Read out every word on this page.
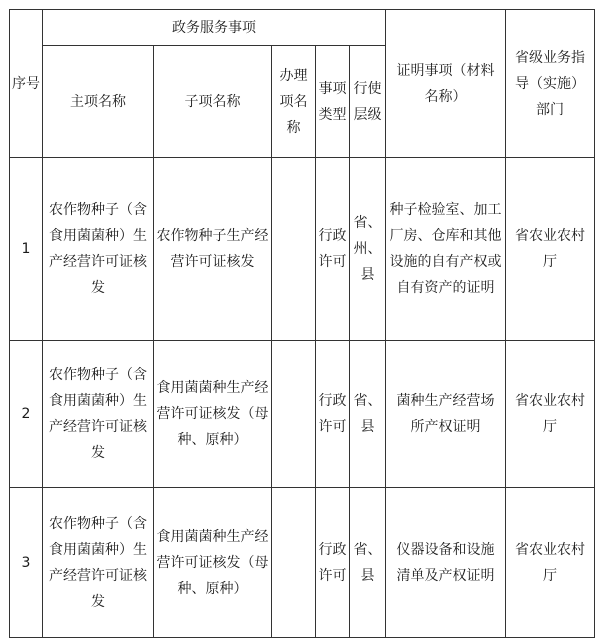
序号	政务服务事项					证明事项（材料名称）	省级业务指导（实施）部门
	主项名称	子项名称	办理项名称	事项类型	行使层级		
1	农作物种子（含食用菌菌种）生产经营许可证核发	农作物种子生产经营许可证核发		行政许可	省、州、县	种子检验室、加工厂房、仓库和其他设施的自有产权或自有资产的证明	省农业农村厅
2	农作物种子（含食用菌菌种）生产经营许可证核发	食用菌菌种生产经营许可证核发（母种、原种）		行政许可	省、县	菌种生产经营场所产权证明	省农业农村厅
3	农作物种子（含食用菌菌种）生产经营许可证核发	食用菌菌种生产经营许可证核发（母种、原种）		行政许可	省、县	仪器设备和设施清单及产权证明	省农业农村厅
